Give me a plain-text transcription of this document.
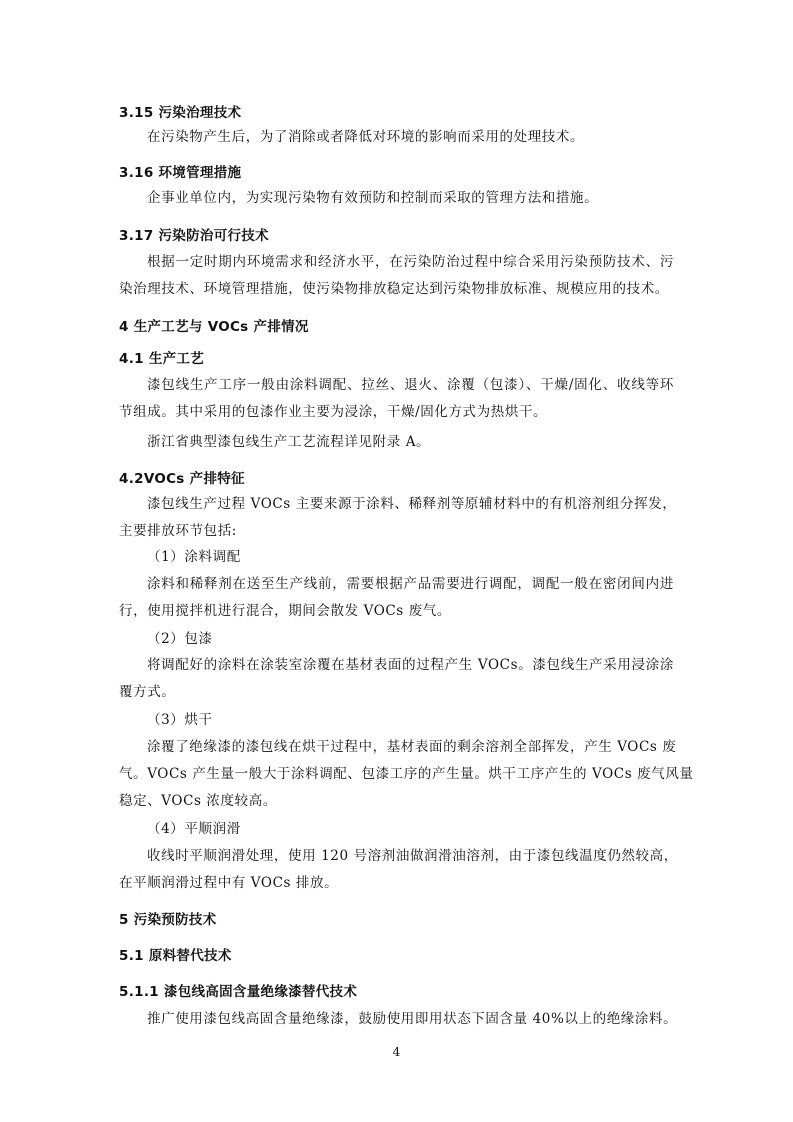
3.15 污染治理技术
在污染物产生后，为了消除或者降低对环境的影响而采用的处理技术。
3.16 环境管理措施
企事业单位内，为实现污染物有效预防和控制而采取的管理方法和措施。
3.17 污染防治可行技术
根据一定时期内环境需求和经济水平，在污染防治过程中综合采用污染预防技术、污
染治理技术、环境管理措施，使污染物排放稳定达到污染物排放标准、规模应用的技术。
4 生产工艺与 VOCs 产排情况
4.1 生产工艺
漆包线生产工序一般由涂料调配、拉丝、退火、涂覆（包漆）、干燥/固化、收线等环
节组成。其中采用的包漆作业主要为浸涂，干燥/固化方式为热烘干。
浙江省典型漆包线生产工艺流程详见附录 A。
4.2VOCs 产排特征
漆包线生产过程 VOCs 主要来源于涂料、稀释剂等原辅材料中的有机溶剂组分挥发，
主要排放环节包括:
（1）涂料调配
涂料和稀释剂在送至生产线前，需要根据产品需要进行调配，调配一般在密闭间内进
行，使用搅拌机进行混合，期间会散发 VOCs 废气。
（2）包漆
将调配好的涂料在涂装室涂覆在基材表面的过程产生 VOCs。漆包线生产采用浸涂涂
覆方式。
（3）烘干
涂覆了绝缘漆的漆包线在烘干过程中，基材表面的剩余溶剂全部挥发，产生 VOCs 废
气。VOCs 产生量一般大于涂料调配、包漆工序的产生量。烘干工序产生的 VOCs 废气风量
稳定、VOCs 浓度较高。
（4）平顺润滑
收线时平顺润滑处理，使用 120 号溶剂油做润滑油溶剂，由于漆包线温度仍然较高，
在平顺润滑过程中有 VOCs 排放。
5 污染预防技术
5.1 原料替代技术
5.1.1 漆包线高固含量绝缘漆替代技术
推广使用漆包线高固含量绝缘漆，鼓励使用即用状态下固含量 40%以上的绝缘涂料。
4
